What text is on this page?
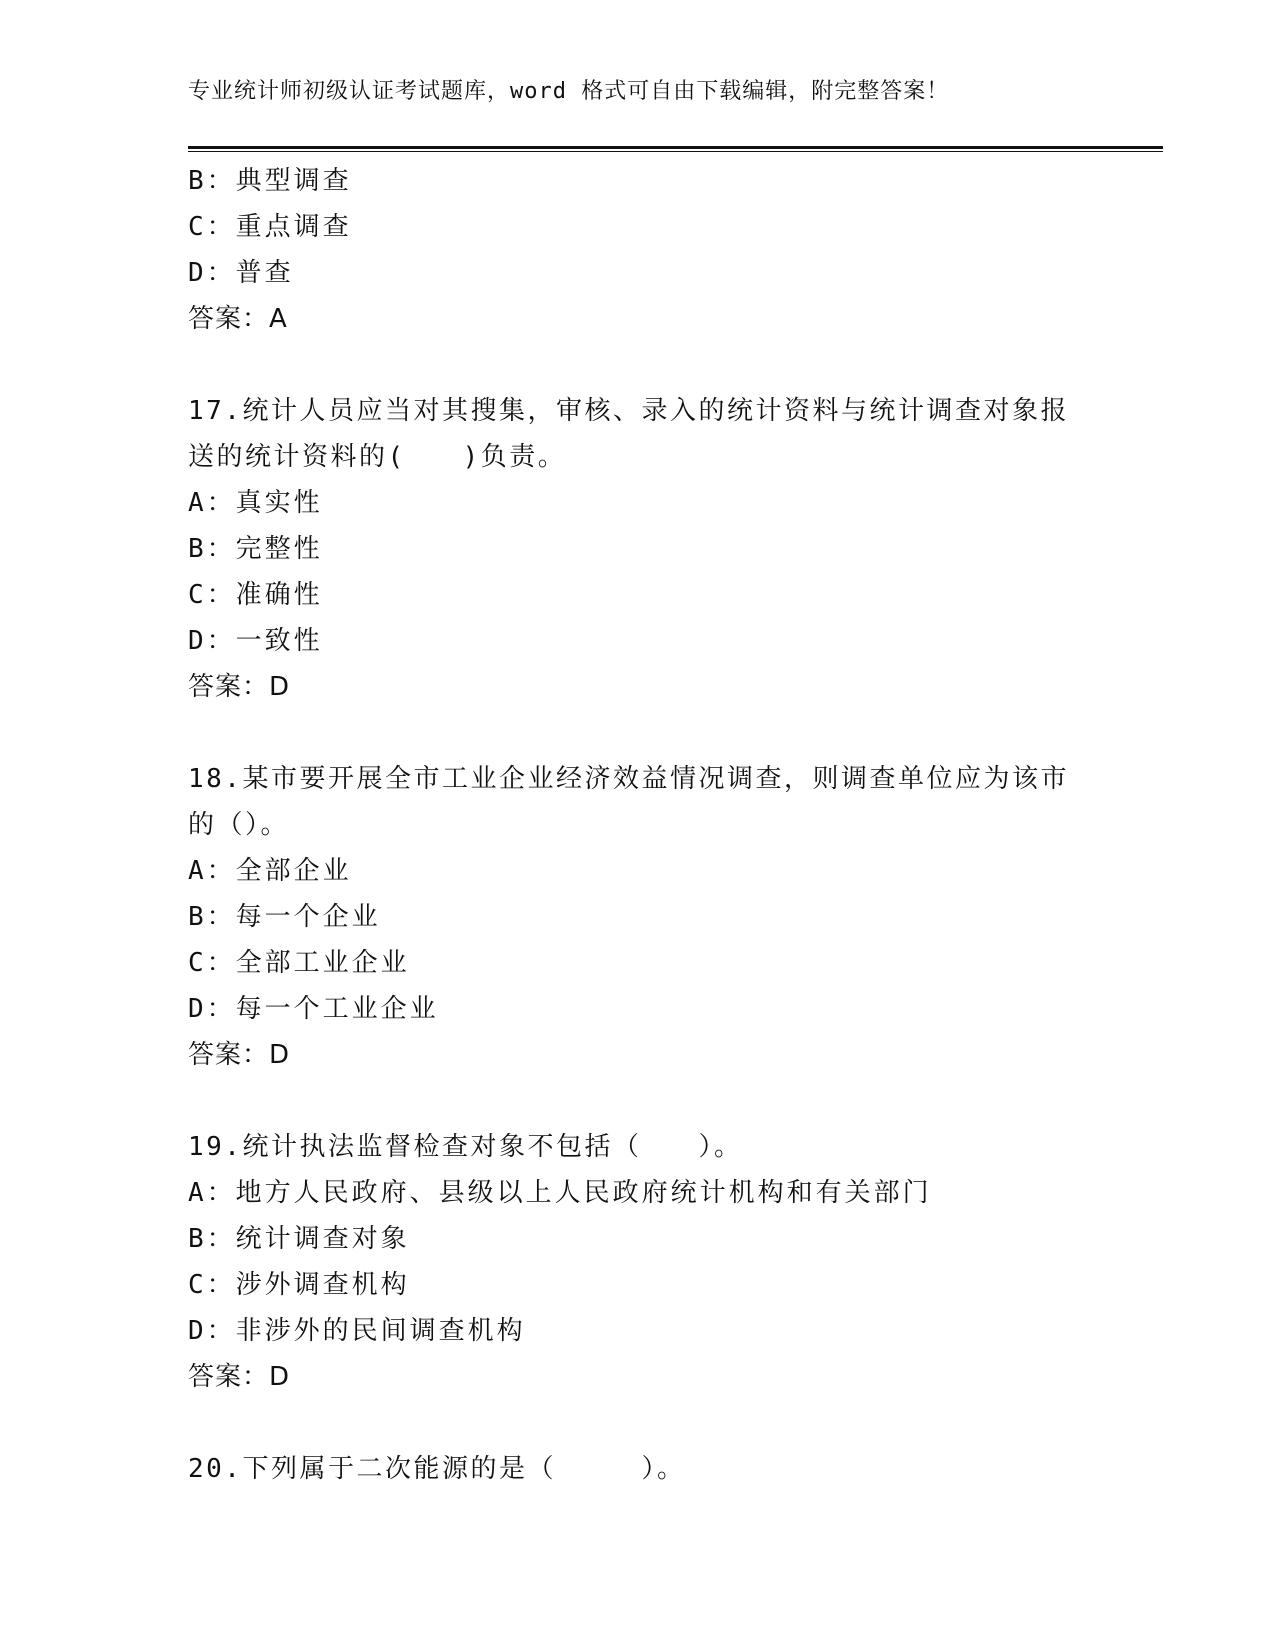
专业统计师初级认证考试题库，word 格式可自由下载编辑，附完整答案！
B：典型调查
C：重点调查
D：普查
答案：A
17.统计人员应当对其搜集，审核、录入的统计资料与统计调查对象报
送的统计资料的(　　)负责。
A：真实性
B：完整性
C：准确性
D：一致性
答案：D
18.某市要开展全市工业企业经济效益情况调查，则调查单位应为该市
的（）。
A：全部企业
B：每一个企业
C：全部工业企业
D：每一个工业企业
答案：D
19.统计执法监督检查对象不包括（　　）。
A：地方人民政府、县级以上人民政府统计机构和有关部门
B：统计调查对象
C：涉外调查机构
D：非涉外的民间调查机构
答案：D
20.下列属于二次能源的是（　　　）。
